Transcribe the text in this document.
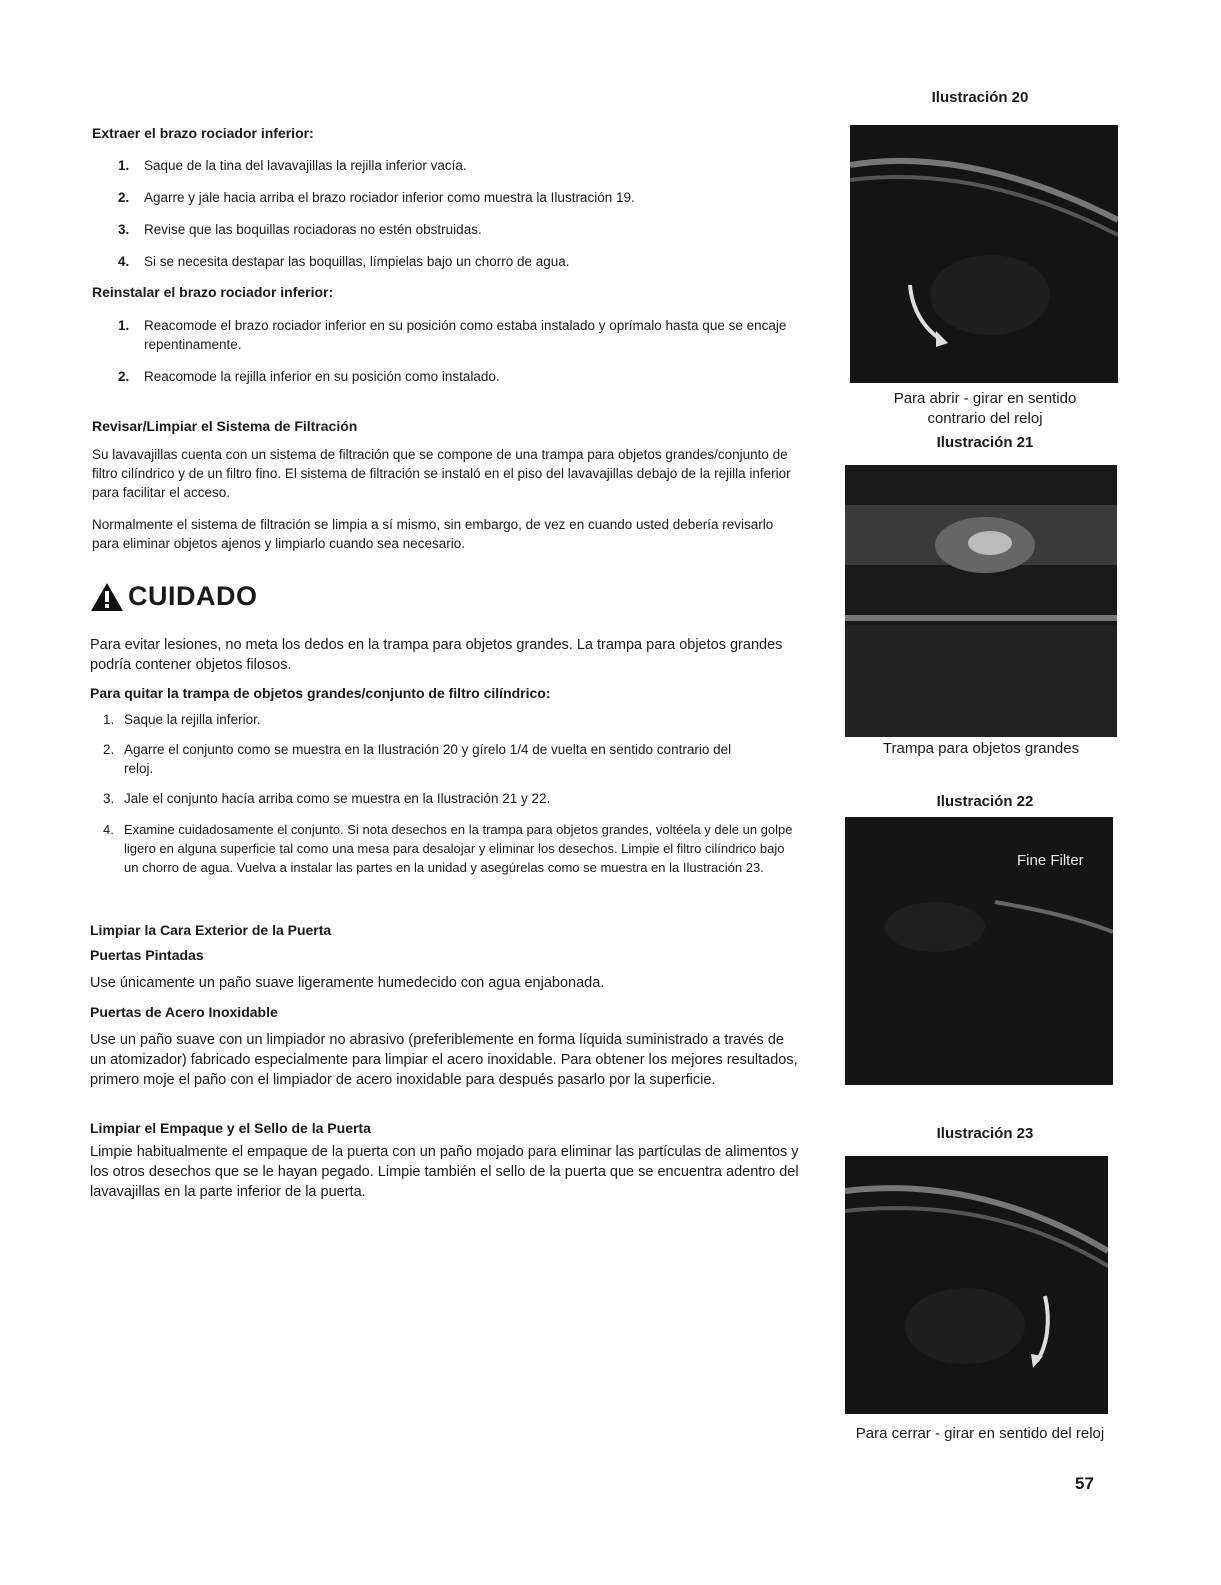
Extraer el brazo rociador inferior:
1.	Saque de la tina del lavavajillas la rejilla inferior vacía.
2.	Agarre y jale hacia arriba el brazo rociador inferior como muestra la Ilustración 19.
3.	Revise que las boquillas rociadoras no estén obstruidas.
4.	Si se necesita destapar las boquillas, límpielas bajo un chorro de agua.
Reinstalar el brazo rociador inferior:
1.	Reacomode el brazo rociador inferior en su posición como estaba instalado y oprímalo hasta que se encaje repentinamente.
2.	Reacomode la rejilla inferior en su posición como instalado.
Revisar/Limpiar el Sistema de Filtración
Su lavavajillas cuenta con un sistema de filtración que se compone de una trampa para objetos grandes/conjunto de filtro cilíndrico y de un filtro fino. El sistema de filtración se instaló en el piso del lavavajillas debajo de la rejilla inferior para facilitar el acceso.
Normalmente el sistema de filtración se limpia a sí mismo, sin embargo, de vez en cuando usted debería revisarlo para eliminar objetos ajenos y limpiarlo cuando sea necesario.
CUIDADO
Para evitar lesiones, no meta los dedos en la trampa para objetos grandes. La trampa para objetos grandes podría contener objetos filosos.
Para quitar la trampa de objetos grandes/conjunto de filtro cilíndrico:
1. Saque la rejilla inferior.
2. Agarre el conjunto como se muestra en la Ilustración 20 y gírelo 1/4 de vuelta en sentido contrario del reloj.
3. Jale el conjunto hacía arriba como se muestra en la Ilustración 21 y 22.
4. Examine cuidadosamente el conjunto. Si nota desechos en la trampa para objetos grandes, voltéela y dele un golpe ligero en alguna superficie tal como una mesa para desalojar y eliminar los desechos. Limpie el filtro cilíndrico bajo un chorro de agua. Vuelva a instalar las partes en la unidad y asegúrelas como se muestra en la Ilustración 23.
Limpiar la Cara Exterior de la Puerta
Puertas Pintadas
Use únicamente un paño suave ligeramente humedecido con agua enjabonada.
Puertas de Acero Inoxidable
Use un paño suave con un limpiador no abrasivo (preferiblemente en forma líquida suministrado a través de un atomizador) fabricado especialmente para limpiar el acero inoxidable. Para obtener los mejores resultados, primero moje el paño con el limpiador de acero inoxidable para después pasarlo por la superficie.
Limpiar el Empaque y el Sello de la Puerta
Limpie habitualmente el empaque de la puerta con un paño mojado para eliminar las partículas de alimentos y los otros desechos que se le hayan pegado. Limpie también el sello de la puerta que se encuentra adentro del lavavajillas en la parte inferior de la puerta.
Ilustración 20
Para abrir - girar en sentido contrario del reloj
Ilustración 21
Trampa para objetos grandes
Ilustración 22
Fine Filter
Ilustración 23
Para cerrar - girar en sentido del reloj
57
